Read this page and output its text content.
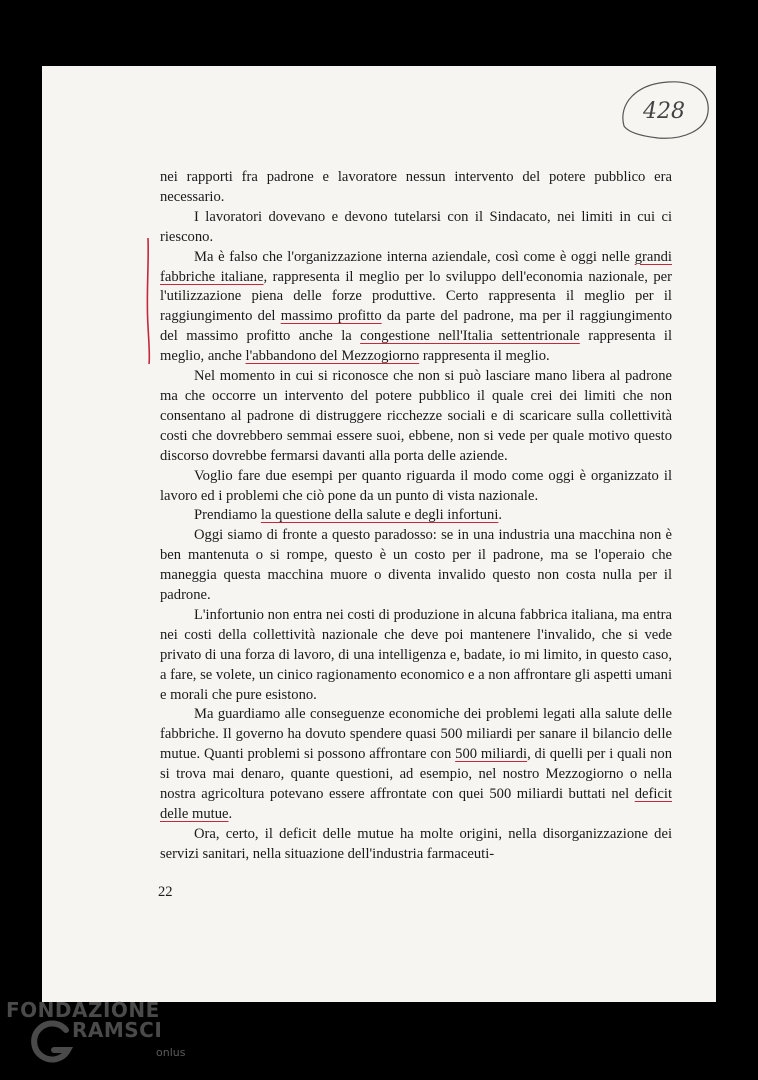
428

nei rapporti fra padrone e lavoratore nessun intervento del potere pubblico era necessario.

I lavoratori dovevano e devono tutelarsi con il Sindacato, nei limiti in cui ci riescono.

Ma è falso che l'organizzazione interna aziendale, così come è oggi nelle grandi fabbriche italiane, rappresenta il meglio per lo sviluppo dell'economia nazionale, per l'utilizzazione piena delle forze produttive. Certo rappresenta il meglio per il raggiungimento del massimo profitto da parte del padrone, ma per il raggiungimento del massimo profitto anche la congestione nell'Italia settentrionale rappresenta il meglio, anche l'abbandono del Mezzogiorno rappresenta il meglio.

Nel momento in cui si riconosce che non si può lasciare mano libera al padrone ma che occorre un intervento del potere pubblico il quale crei dei limiti che non consentano al padrone di distruggere ricchezze sociali e di scaricare sulla collettività costi che dovrebbero semmai essere suoi, ebbene, non si vede per quale motivo questo discorso dovrebbe fermarsi davanti alla porta delle aziende.

Voglio fare due esempi per quanto riguarda il modo come oggi è organizzato il lavoro ed i problemi che ciò pone da un punto di vista nazionale.

Prendiamo la questione della salute e degli infortuni.

Oggi siamo di fronte a questo paradosso: se in una industria una macchina non è ben mantenuta o si rompe, questo è un costo per il padrone, ma se l'operaio che maneggia questa macchina muore o diventa invalido questo non costa nulla per il padrone.

L'infortunio non entra nei costi di produzione in alcuna fabbrica italiana, ma entra nei costi della collettività nazionale che deve poi mantenere l'invalido, che si vede privato di una forza di lavoro, di una intelligenza e, badate, io mi limito, in questo caso, a fare, se volete, un cinico ragionamento economico e a non affrontare gli aspetti umani e morali che pure esistono.

Ma guardiamo alle conseguenze economiche dei problemi legati alla salute delle fabbriche. Il governo ha dovuto spendere quasi 500 miliardi per sanare il bilancio delle mutue. Quanti problemi si possono affrontare con 500 miliardi, di quelli per i quali non si trova mai denaro, quante questioni, ad esempio, nel nostro Mezzogiorno o nella nostra agricoltura potevano essere affrontate con quei 500 miliardi buttati nel deficit delle mutue.

Ora, certo, il deficit delle mutue ha molte origini, nella disorganizzazione dei servizi sanitari, nella situazione dell'industria farmaceuti-

22
FONDAZIONE
RAMSCI
onlus
